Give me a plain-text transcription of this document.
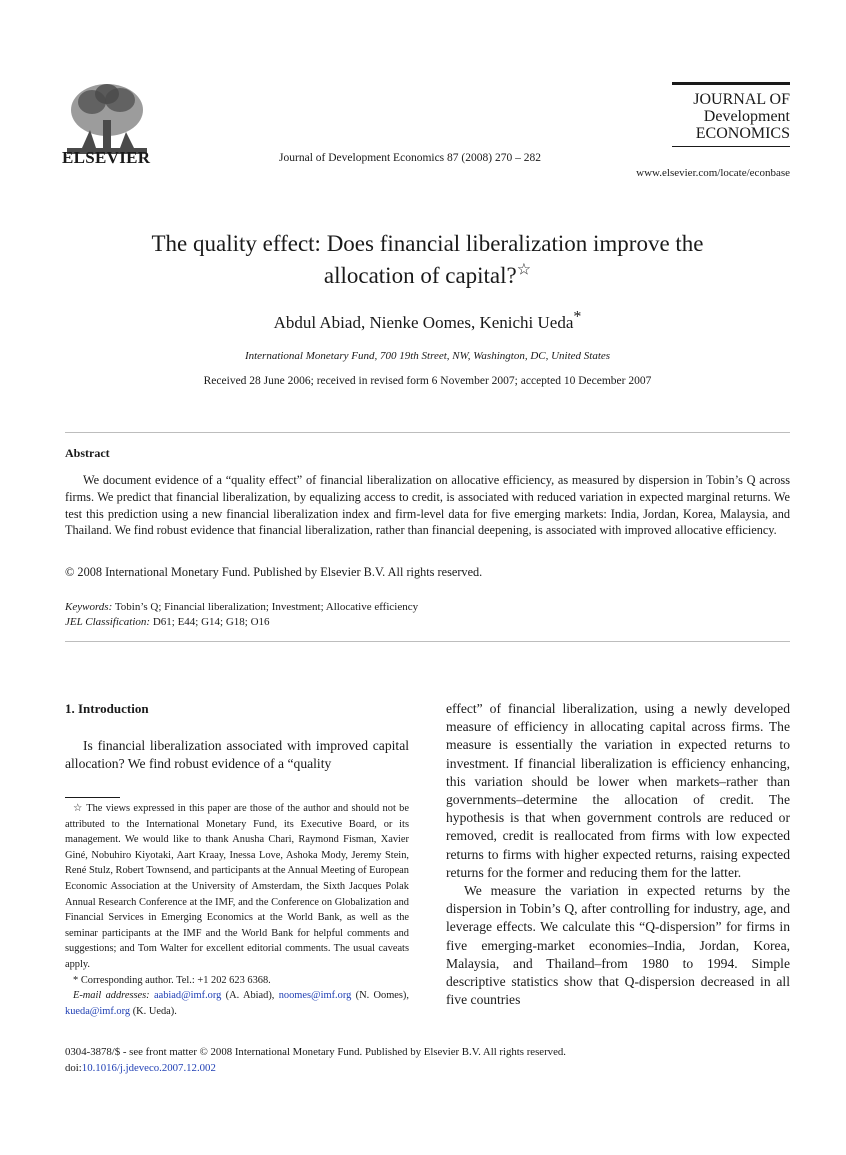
ELSEVIER	Journal of Development Economics 87 (2008) 270 – 282
JOURNAL OF
Development
ECONOMICS
www.elsevier.com/locate/econbase
The quality effect: Does financial liberalization improve the
allocation of capital?☆
Abdul Abiad, Nienke Oomes, Kenichi Ueda*
International Monetary Fund, 700 19th Street, NW, Washington, DC, United States
Received 28 June 2006; received in revised form 6 November 2007; accepted 10 December 2007
Abstract

We document evidence of a “quality effect” of financial liberalization on allocative efficiency, as measured by dispersion in Tobin’s Q across firms. We predict that financial liberalization, by equalizing access to credit, is associated with reduced variation in expected marginal returns. We test this prediction using a new financial liberalization index and firm-level data for five emerging markets: India, Jordan, Korea, Malaysia, and Thailand. We find robust evidence that financial liberalization, rather than financial deepening, is associated with improved allocative efficiency.

© 2008 International Monetary Fund. Published by Elsevier B.V. All rights reserved.
Keywords: Tobin’s Q; Financial liberalization; Investment; Allocative efficiency
JEL Classification: D61; E44; G14; G18; O16
1. Introduction
Is financial liberalization associated with improved capital allocation? We find robust evidence of a “quality

☆ The views expressed in this paper are those of the author and should not be attributed to the International Monetary Fund, its Executive Board, or its management. We would like to thank Anusha Chari, Raymond Fisman, Xavier Giné, Nobuhiro Kiyotaki, Aart Kraay, Inessa Love, Ashoka Mody, Jeremy Stein, René Stulz, Robert Townsend, and participants at the Annual Meeting of European Economic Association at the University of Amsterdam, the Sixth Jacques Polak Annual Research Conference at the IMF, and the Conference on Globalization and Financial Services in Emerging Economics at the World Bank, as well as the seminar participants at the IMF and the World Bank for helpful comments and suggestions; and Tom Walter for excellent editorial comments. The usual caveats apply.

* Corresponding author. Tel.: +1 202 623 6368.

E-mail addresses: aabiad@imf.org (A. Abiad), noomes@imf.org (N. Oomes), kueda@imf.org (K. Ueda).

effect” of financial liberalization, using a newly developed measure of efficiency in allocating capital across firms. The measure is essentially the variation in expected returns to investment. If financial liberalization is efficiency enhancing, this variation should be lower when markets–rather than governments–determine the allocation of credit. The hypothesis is that when government controls are reduced or removed, credit is reallocated from firms with low expected returns to firms with higher expected returns, raising expected returns for the former and reducing them for the latter.

We measure the variation in expected returns by the dispersion in Tobin’s Q, after controlling for industry, age, and leverage effects. We calculate this “Q-dispersion” for firms in five emerging-market economies–India, Jordan, Korea, Malaysia, and Thailand–from 1980 to 1994. Simple descriptive statistics show that Q-dispersion decreased in all five countries

0304-3878/$ - see front matter © 2008 International Monetary Fund. Published by Elsevier B.V. All rights reserved.
doi:10.1016/j.jdeveco.2007.12.002
